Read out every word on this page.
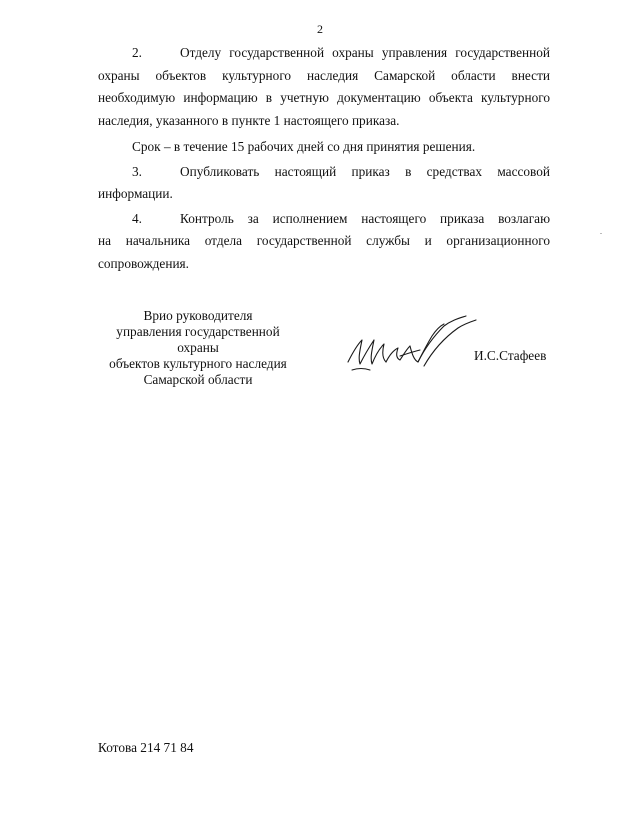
2

2.	Отделу государственной охраны управления государственной

охраны объектов культурного наследия Самарской области внести

необходимую информацию в учетную документацию объекта культурного

наследия, указанного в пункте 1 настоящего приказа.

Срок – в течение 15 рабочих дней со дня принятия решения.

3.	Опубликовать настоящий приказ в средствах массовой

информации.

4.	Контроль за исполнением настоящего приказа возлагаю

на начальника отдела государственной службы и организационного

сопровождения.

Врио руководителя
управления государственной охраны
объектов культурного наследия
Самарской области
И.С.Стафеев
Котова 214 71 84
